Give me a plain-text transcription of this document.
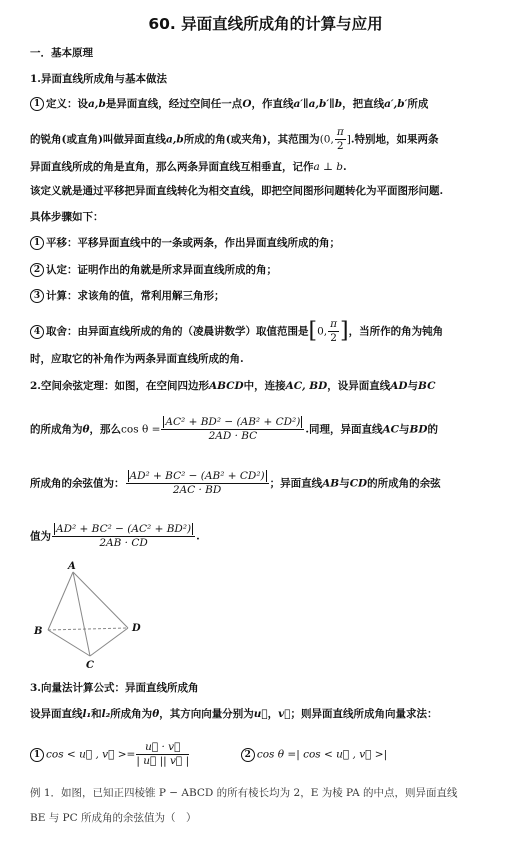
60. 异面直线所成角的计算与应用
一．基本原理
1.异面直线所成角与基本做法
1 定义：设a,b是异面直线，经过空间任一点O，作直线a′∥a,b′∥b，把直线a′,b′所成
的锐角(或直角)叫做异面直线a,b所成的角(或夹角)，其范围为(0, $\frac{\pi}{2}$ ].特别地，如果两条
异面直线所成的角是直角，那么两条异面直线互相垂直，记作a ⊥ b.
该定义就是通过平移把异面直线转化为相交直线，即把空间图形问题转化为平面图形问题.
具体步骤如下：
1 平移：平移异面直线中的一条或两条，作出异面直线所成的角；
2 认定：证明作出的角就是所求异面直线所成的角；
3 计算：求该角的值，常利用解三角形；
4 取舍：由异面直线所成的角的（凌晨讲数学）取值范围是[0, $\frac{\pi}{2}$ ]，当所作的角为钝角
时，应取它的补角作为两条异面直线所成的角.
2.空间余弦定理：如图，在空间四边形ABCD中，连接AC, BD，设异面直线AD与BC
的所成角为θ，那么$\cos \theta = \frac{\text{AC² + BD² − (AB² + CD²)}}{2AD \cdot BC}$ .同理，异面直线AC与BD的
所成角的余弦值为： $\frac{\text{AD² + BC² − (AB² + CD²)}}{2AC \cdot BD}$ ；异面直线AB与CD的所成角的余弦
值为 $\frac{\text{AD² + BC² − (AC² + BD²)}}{2AB \cdot CD}$ .
A
B
C
D
3.向量法计算公式：异面直线所成角
设异面直线l₁和l₂所成角为θ，其方向向量分别为u⃗，v⃗；则异面直线所成角向量求法：
1 cos < u⃗ , v⃗ >= $\frac{u⃗ \cdot v⃗}{| u⃗ || v⃗ |}$	2 cos θ =| cos < u⃗ , v⃗ >|
例 1．如图，已知正四棱锥 P − ABCD 的所有棱长均为 2，E 为棱 PA 的中点，则异面直线
BE 与 PC 所成角的余弦值为（　）
